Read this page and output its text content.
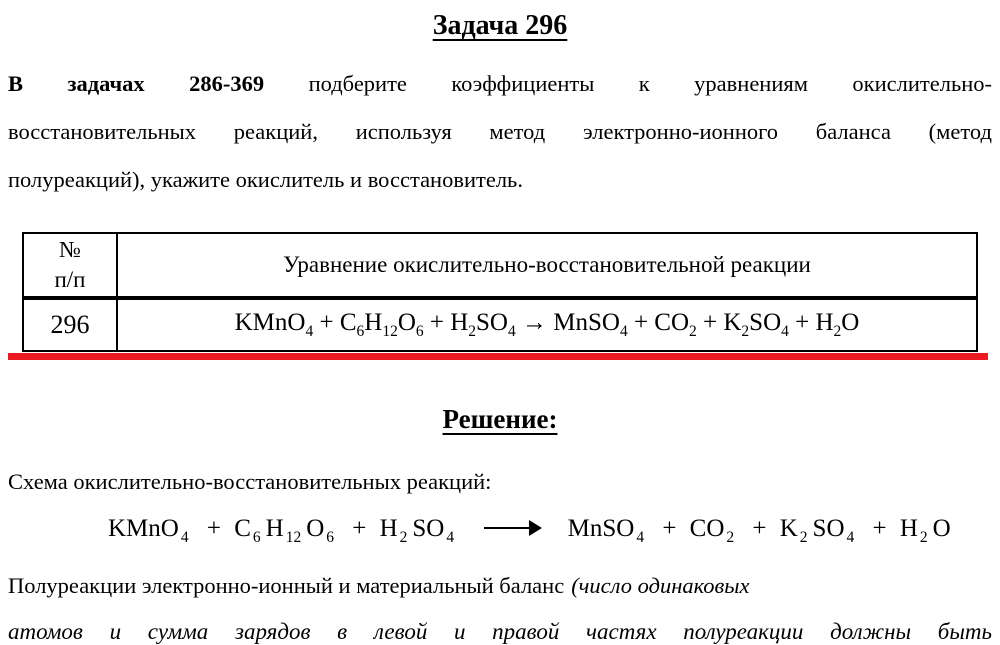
Задача 296
В задачах 286-369 подберите коэффициенты к уравнениям окислительно-
восстановительных реакций, используя метод электронно-ионного баланса (метод
полуреакций), укажите окислитель и восстановитель.
№
п/п	Уравнение окислительно-восстановительной реакции
296	KMnO$_4$ + $C_6H_{12}O_6 + H_2SO_4$ → MnSO$_4$ + $CO_2 + K_2SO_4 + H_2O$
Решение:

Схема окислительно-восстановительных реакций:

KMnO $_4$ + C $_6$ H $_{12}$ O $_6$ + H $_2$ SO $_4$	MnSO $_4$ + CO $_2$ + K $_2$ SO $_4$ + H $_2$ O

Полуреакции электронно-ионный и материальный баланс (число одинаковых

атомов и сумма зарядов в левой и правой частях полуреакции должны быть
